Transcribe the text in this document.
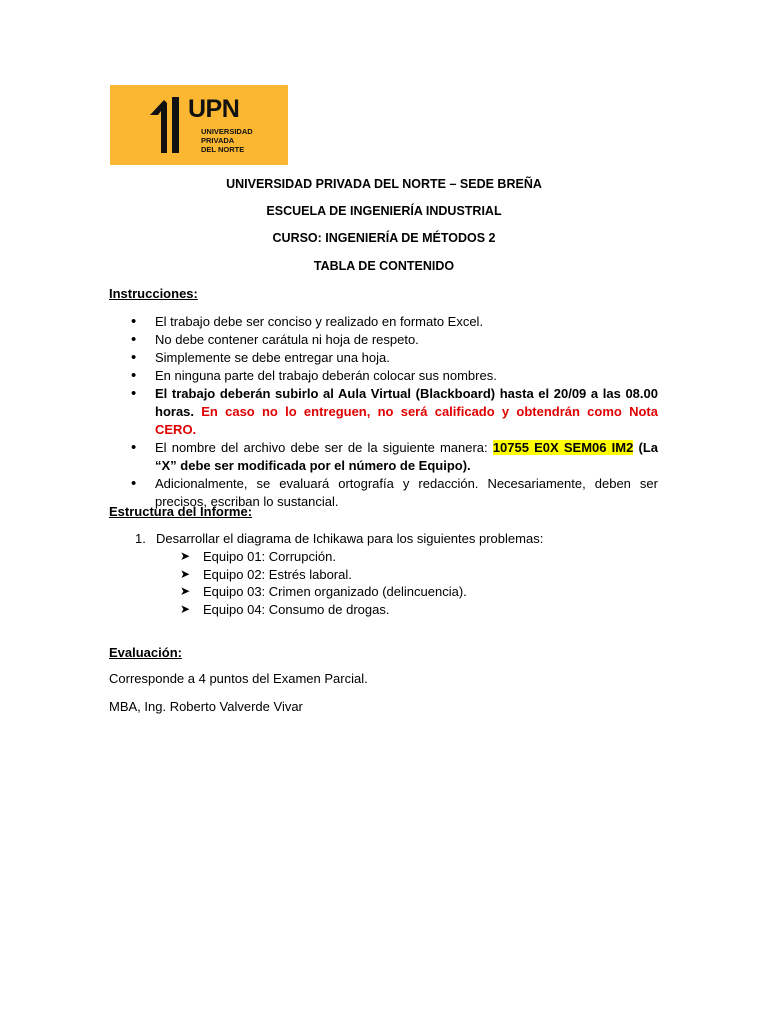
UPN
UNIVERSIDAD
PRIVADA
DEL NORTE
UNIVERSIDAD PRIVADA DEL NORTE – SEDE BREÑA
ESCUELA DE INGENIERÍA INDUSTRIAL
CURSO: INGENIERÍA DE MÉTODOS 2
TABLA DE CONTENIDO
Instrucciones:
• El trabajo debe ser conciso y realizado en formato Excel.
• No debe contener carátula ni hoja de respeto.
• Simplemente se debe entregar una hoja.
• En ninguna parte del trabajo deberán colocar sus nombres.
• El trabajo deberán subirlo al Aula Virtual (Blackboard) hasta el 20/09 a las 08.00 horas. En caso no lo entreguen, no será calificado y obtendrán como Nota CERO.
• El nombre del archivo debe ser de la siguiente manera: 10755 E0X SEM06 IM2 (La “X” debe ser modificada por el número de Equipo).
• Adicionalmente, se evaluará ortografía y redacción. Necesariamente, deben ser precisos, escriban lo sustancial.
Estructura del Informe:
1. Desarrollar el diagrama de Ichikawa para los siguientes problemas:
➤ Equipo 01: Corrupción.
➤ Equipo 02: Estrés laboral.
➤ Equipo 03: Crimen organizado (delincuencia).
➤ Equipo 04: Consumo de drogas.
Evaluación:
Corresponde a 4 puntos del Examen Parcial.
MBA, Ing. Roberto Valverde Vivar
